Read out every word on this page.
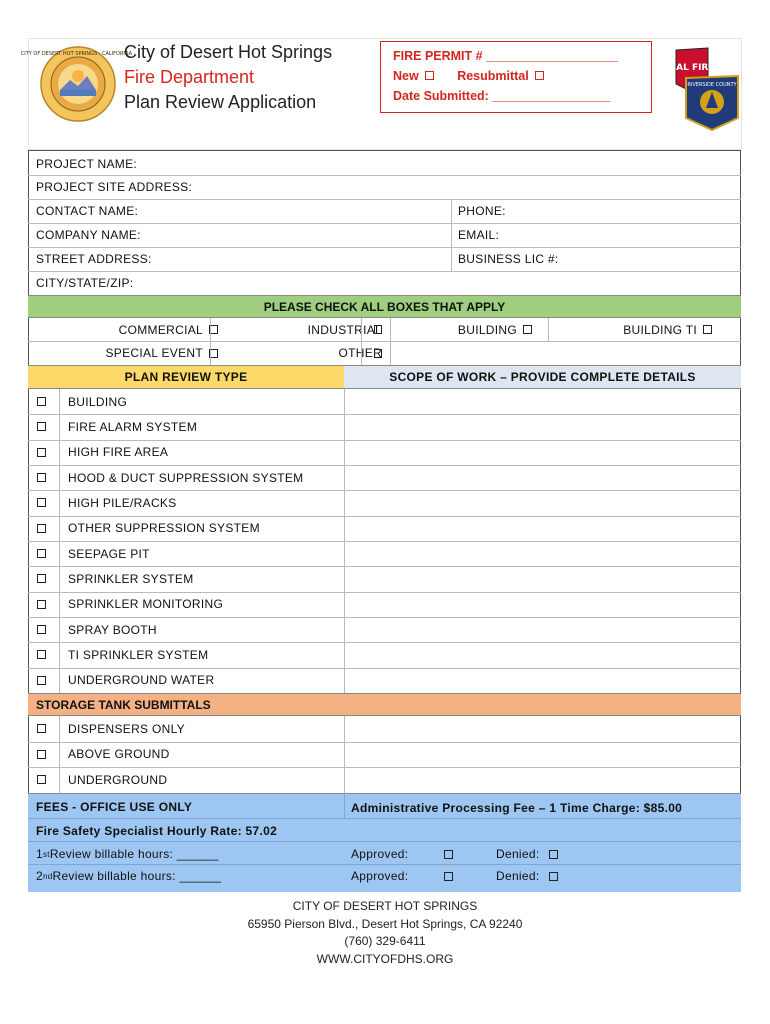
CITY OF DESERT HOT SPRINGS · CALIFORNIA ·
City of Desert Hot Springs
Fire Department
Plan Review Application
FIRE PERMIT # ___________________
New	Resubmittal
Date Submitted: _________________
CAL FIRE
RIVERSIDE COUNTY
PROJECT NAME:
PROJECT SITE ADDRESS:
CONTACT NAME:	PHONE:
COMPANY NAME:	EMAIL:
STREET ADDRESS:	BUSINESS LIC #:
CITY/STATE/ZIP:
PLEASE CHECK ALL BOXES THAT APPLY
COMMERCIAL	INDUSTRIAL	BUILDING	BUILDING TI
SPECIAL EVENT	OTHER
PLAN REVIEW TYPE	SCOPE OF WORK – PROVIDE COMPLETE DETAILS
BUILDING
FIRE ALARM SYSTEM
HIGH FIRE AREA
HOOD & DUCT SUPPRESSION SYSTEM
HIGH PILE/RACKS
OTHER SUPPRESSION SYSTEM
SEEPAGE PIT
SPRINKLER SYSTEM
SPRINKLER MONITORING
SPRAY BOOTH
TI SPRINKLER SYSTEM
UNDERGROUND WATER
STORAGE TANK SUBMITTALS
DISPENSERS ONLY
ABOVE GROUND
UNDERGROUND
FEES - OFFICE USE ONLY	Administrative Processing Fee – 1 Time Charge: $85.00
Fire Safety Specialist Hourly Rate: 57.02
1 st Review billable hours: ______	Approved:	Denied:
2 nd Review billable hours: ______	Approved:	Denied:
CITY OF DESERT HOT SPRINGS
65950 Pierson Blvd., Desert Hot Springs, CA 92240
(760) 329-6411
WWW.CITYOFDHS.ORG
